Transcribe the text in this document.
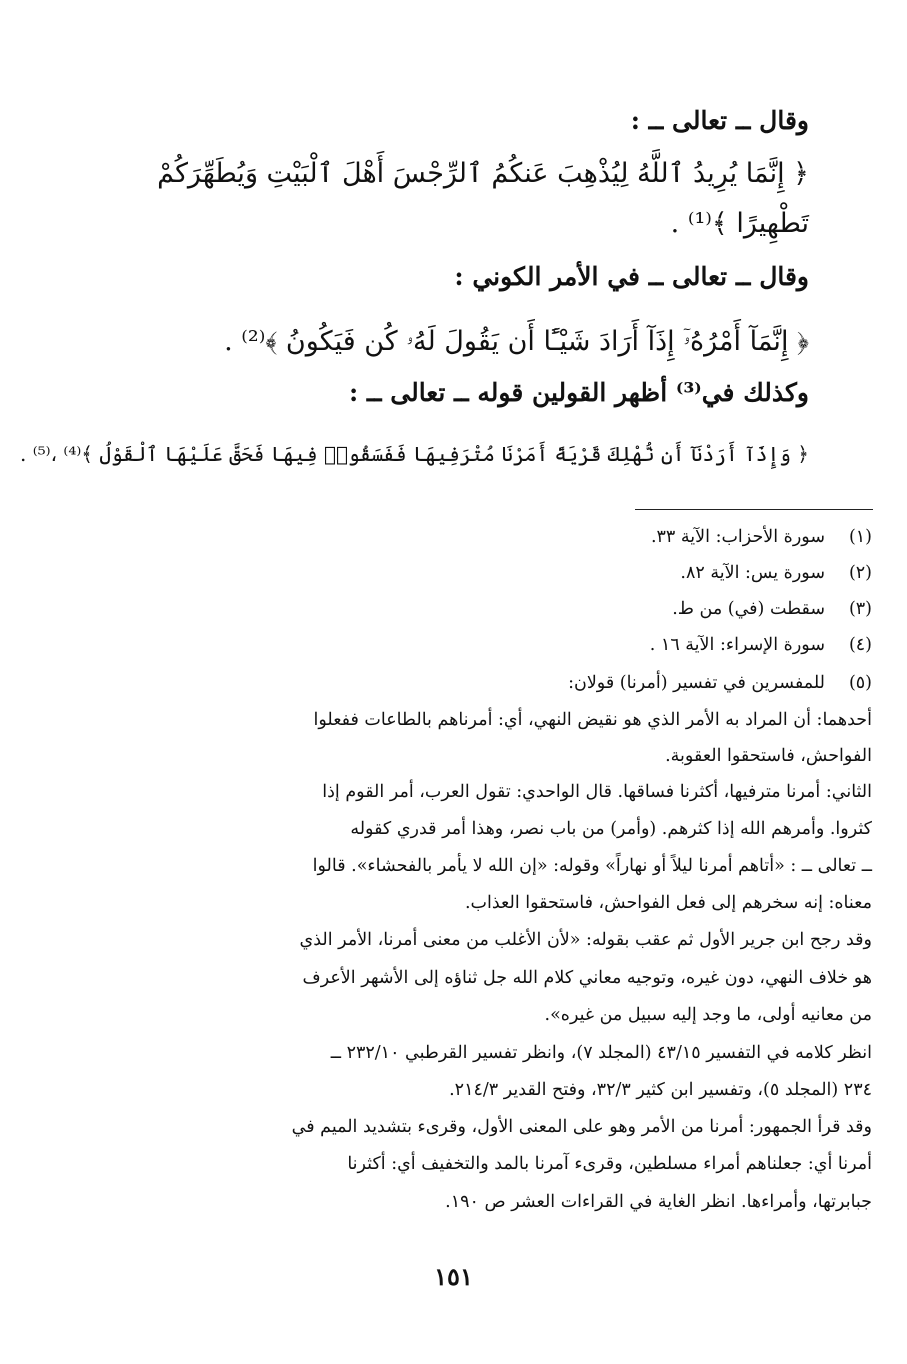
وقال ــ تعالى ــ :
﴿ إِنَّمَا يُرِيدُ ٱللَّهُ لِيُذْهِبَ عَنكُمُ ٱلرِّجْسَ أَهْلَ ٱلْبَيْتِ وَيُطَهِّرَكُمْ
تَطْهِيرًا ﴾⁽¹⁾ .
وقال ــ تعالى ــ في الأمر الكوني :
﴿ إِنَّمَآ أَمْرُهُۥٓ إِذَآ أَرَادَ شَيْـًٔا أَن يَقُولَ لَهُۥ كُن فَيَكُونُ ﴾⁽²⁾ .
وكذلك في⁽³⁾ أظهر القولين قوله ــ تعالى ــ :
﴿ وَإِذَآ أَرَدْنَآ أَن نُّهْلِكَ قَرْيَةً أَمَرْنَا مُتْرَفِيهَا فَفَسَقُوا۟ فِيهَا فَحَقَّ عَلَيْهَا ٱلْقَوْلُ ﴾⁽⁴⁾ ،⁽⁵⁾ .
(١)
سورة الأحزاب: الآية ٣٣.
(٢)
سورة يس: الآية ٨٢.
(٣)
سقطت (في) من ط.
(٤)
سورة الإسراء: الآية ١٦ .
(٥)
للمفسرين في تفسير (أمرنا) قولان:
أحدهما: أن المراد به الأمر الذي هو نقيض النهي، أي: أمرناهم بالطاعات ففعلوا
الفواحش، فاستحقوا العقوبة.
الثاني: أمرنا مترفيها، أكثرنا فساقها. قال الواحدي: تقول العرب، أمر القوم إذا
كثروا. وأمرهم الله إذا كثرهم. (وأمر) من باب نصر، وهذا أمر قدري كقوله
ــ تعالى ــ : «أتاهم أمرنا ليلاً أو نهاراً» وقوله: «إن الله لا يأمر بالفحشاء». قالوا
معناه: إنه سخرهم إلى فعل الفواحش، فاستحقوا العذاب.
وقد رجح ابن جرير الأول ثم عقب بقوله: «لأن الأغلب من معنى أمرنا، الأمر الذي
هو خلاف النهي، دون غيره، وتوجيه معاني كلام الله جل ثناؤه إلى الأشهر الأعرف
من معانيه أولى، ما وجد إليه سبيل من غيره».
انظر كلامه في التفسير ٤٣/١٥ (المجلد ٧)، وانظر تفسير القرطبي ٢٣٢/١٠ ــ
٢٣٤ (المجلد ٥)، وتفسير ابن كثير ٣٢/٣، وفتح القدير ٢١٤/٣.
وقد قرأ الجمهور: أمرنا من الأمر وهو على المعنى الأول، وقرىء بتشديد الميم في
أمرنا أي: جعلناهم أمراء مسلطين، وقرىء آمرنا بالمد والتخفيف أي: أكثرنا
جبابرتها، وأمراءها. انظر الغاية في القراءات العشر ص ١٩٠.
١٥١
